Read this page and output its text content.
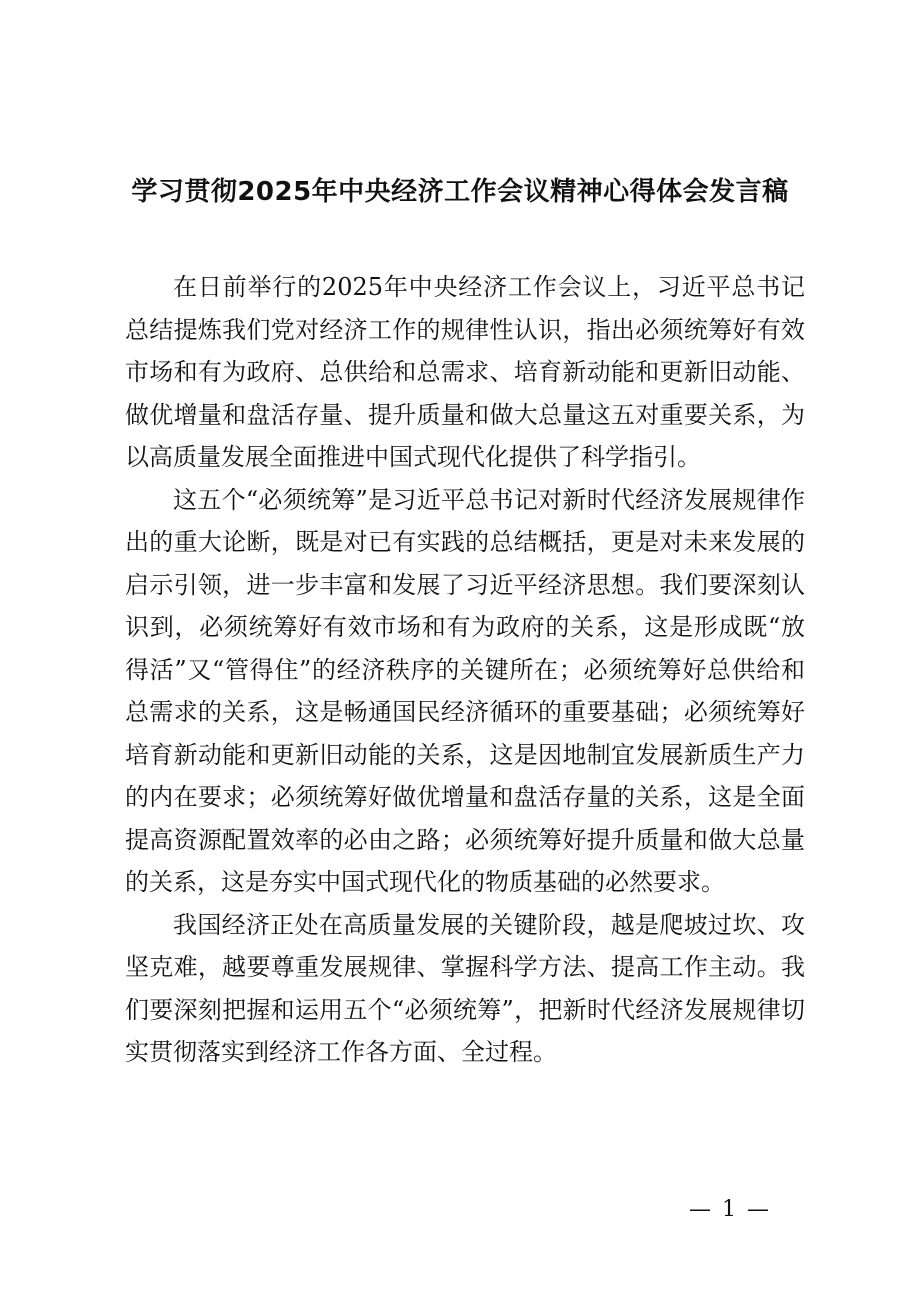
学习贯彻2025年中央经济工作会议精神心得体会发言稿

在日前举行的2025年中央经济工作会议上，习近平总书记总结提炼我们党对经济工作的规律性认识，指出必须统筹好有效市场和有为政府、总供给和总需求、培育新动能和更新旧动能、做优增量和盘活存量、提升质量和做大总量这五对重要关系，为以高质量发展全面推进中国式现代化提供了科学指引。

这五个“必须统筹”是习近平总书记对新时代经济发展规律作出的重大论断，既是对已有实践的总结概括，更是对未来发展的启示引领，进一步丰富和发展了习近平经济思想。我们要深刻认识到，必须统筹好有效市场和有为政府的关系，这是形成既“放得活”又“管得住”的经济秩序的关键所在；必须统筹好总供给和总需求的关系，这是畅通国民经济循环的重要基础；必须统筹好培育新动能和更新旧动能的关系，这是因地制宜发展新质生产力的内在要求；必须统筹好做优增量和盘活存量的关系，这是全面提高资源配置效率的必由之路；必须统筹好提升质量和做大总量的关系，这是夯实中国式现代化的物质基础的必然要求。

我国经济正处在高质量发展的关键阶段，越是爬坡过坎、攻坚克难，越要尊重发展规律、掌握科学方法、提高工作主动。我们要深刻把握和运用五个“必须统筹”，把新时代经济发展规律切实贯彻落实到经济工作各方面、全过程。

— 1 —
